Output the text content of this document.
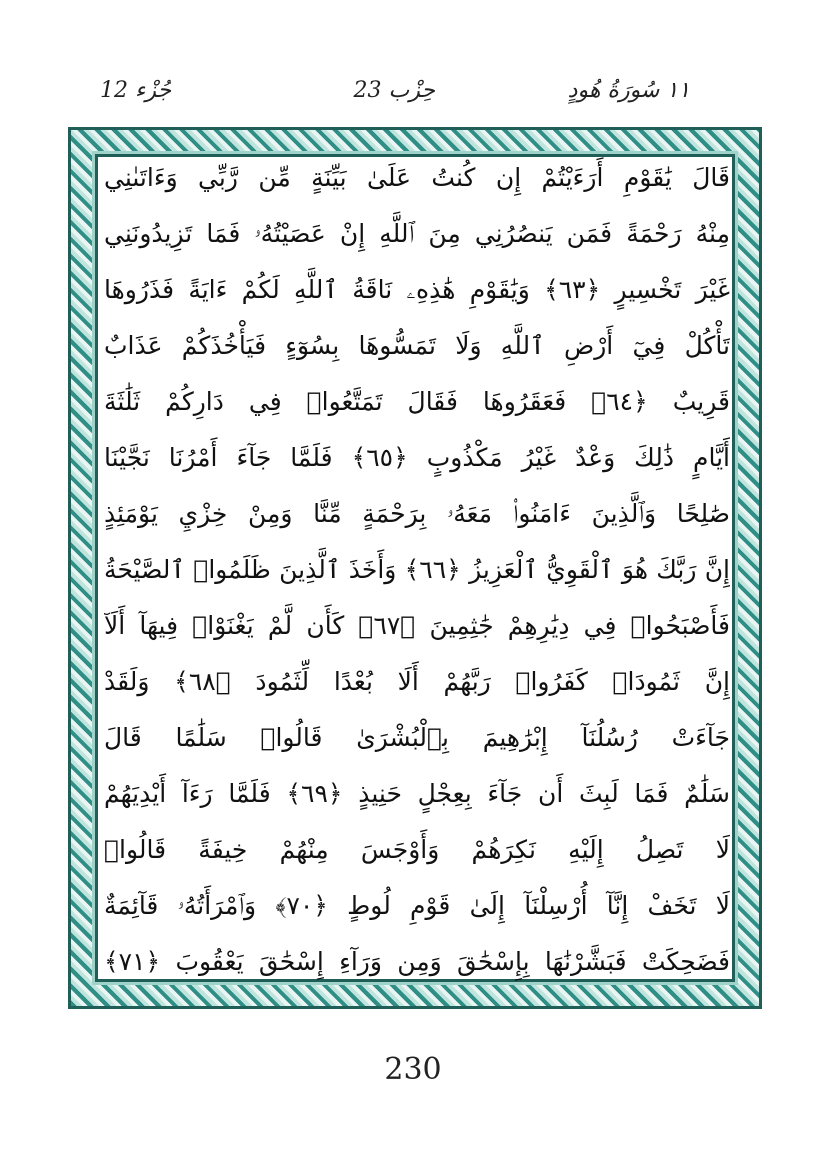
١١ سُورَةُ هُودٍ
حِزْب 23
جُزْء 12
قَالَ يَٰقَوْمِ أَرَءَيْتُمْ إِن كُنتُ عَلَىٰ بَيِّنَةٍ مِّن رَّبِّي وَءَاتَىٰنِي
مِنْهُ رَحْمَةً فَمَن يَنصُرُنِي مِنَ ٱللَّهِ إِنْ عَصَيْتُهُۥ فَمَا تَزِيدُونَنِي
غَيْرَ تَخْسِيرٍ ﴿٦٣﴾ وَيَٰقَوْمِ هَٰذِهِۦ نَاقَةُ ٱللَّهِ لَكُمْ ءَايَةً فَذَرُوهَا
تَأْكُلْ فِيٓ أَرْضِ ٱللَّهِ وَلَا تَمَسُّوهَا بِسُوٓءٍ فَيَأْخُذَكُمْ عَذَابٌ
قَرِيبٌ ﴿٦٤﴾ فَعَقَرُوهَا فَقَالَ تَمَتَّعُوا۟ فِي دَارِكُمْ ثَلَٰثَةَ
أَيَّامٍ ذَٰلِكَ وَعْدٌ غَيْرُ مَكْذُوبٍ ﴿٦٥﴾ فَلَمَّا جَآءَ أَمْرُنَا نَجَّيْنَا
صَٰلِحًا وَٱلَّذِينَ ءَامَنُوا۟ مَعَهُۥ بِرَحْمَةٍ مِّنَّا وَمِنْ خِزْيِ يَوْمَئِذٍ
إِنَّ رَبَّكَ هُوَ ٱلْقَوِيُّ ٱلْعَزِيزُ ﴿٦٦﴾ وَأَخَذَ ٱلَّذِينَ ظَلَمُوا۟ ٱلصَّيْحَةُ
فَأَصْبَحُوا۟ فِي دِيَٰرِهِمْ جَٰثِمِينَ ﴿٦٧﴾ كَأَن لَّمْ يَغْنَوْا۟ فِيهَآ أَلَآ
إِنَّ ثَمُودَا۟ كَفَرُوا۟ رَبَّهُمْ أَلَا بُعْدًا لِّثَمُودَ ﴿٦٨﴾ وَلَقَدْ
جَآءَتْ رُسُلُنَآ إِبْرَٰهِيمَ بِٱلْبُشْرَىٰ قَالُوا۟ سَلَٰمًا قَالَ
سَلَٰمٌ فَمَا لَبِثَ أَن جَآءَ بِعِجْلٍ حَنِيذٍ ﴿٦٩﴾ فَلَمَّا رَءَآ أَيْدِيَهُمْ
لَا تَصِلُ إِلَيْهِ نَكِرَهُمْ وَأَوْجَسَ مِنْهُمْ خِيفَةً قَالُوا۟
لَا تَخَفْ إِنَّآ أُرْسِلْنَآ إِلَىٰ قَوْمِ لُوطٍ ﴿٧٠﴾ وَٱمْرَأَتُهُۥ قَآئِمَةٌ
فَضَحِكَتْ فَبَشَّرْنَٰهَا بِإِسْحَٰقَ وَمِن وَرَآءِ إِسْحَٰقَ يَعْقُوبَ ﴿٧١﴾
230
